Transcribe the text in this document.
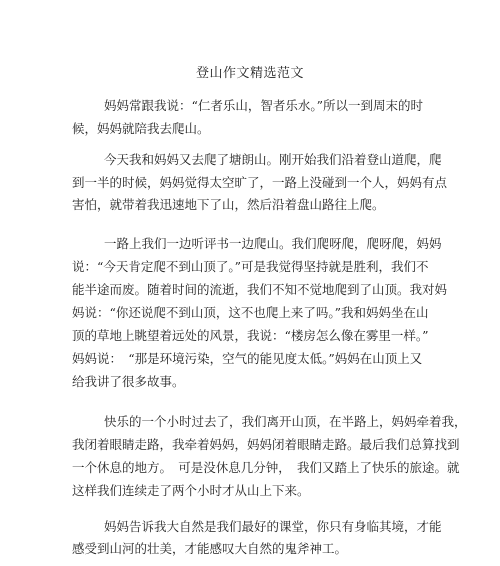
登山作文精选范文

妈妈常跟我说：“仁者乐山，智者乐水。”所以一到周末的时

候，妈妈就陪我去爬山。

今天我和妈妈又去爬了塘朗山。刚开始我们沿着登山道爬，爬

到一半的时候，妈妈觉得太空旷了，一路上没碰到一个人，妈妈有点

害怕，就带着我迅速地下了山，然后沿着盘山路往上爬。

一路上我们一边听评书一边爬山。我们爬呀爬，爬呀爬，妈妈

说：“今天肯定爬不到山顶了。”可是我觉得坚持就是胜利，我们不

能半途而废。随着时间的流逝，我们不知不觉地爬到了山顶。我对妈

妈说：“你还说爬不到山顶，这不也爬上来了吗。”我和妈妈坐在山

顶的草地上眺望着远处的风景，我说：“楼房怎么像在雾里一样。”

妈妈说：　“那是环境污染，空气的能见度太低。”妈妈在山顶上又

给我讲了很多故事。

快乐的一个小时过去了，我们离开山顶，在半路上，妈妈牵着我，

我闭着眼睛走路，我牵着妈妈，妈妈闭着眼睛走路。最后我们总算找到

一个休息的地方。　可是没休息几分钟，　我们又踏上了快乐的旅途。就

这样我们连续走了两个小时才从山上下来。

妈妈告诉我大自然是我们最好的课堂，你只有身临其境，才能

感受到山河的壮美，才能感叹大自然的鬼斧神工。
